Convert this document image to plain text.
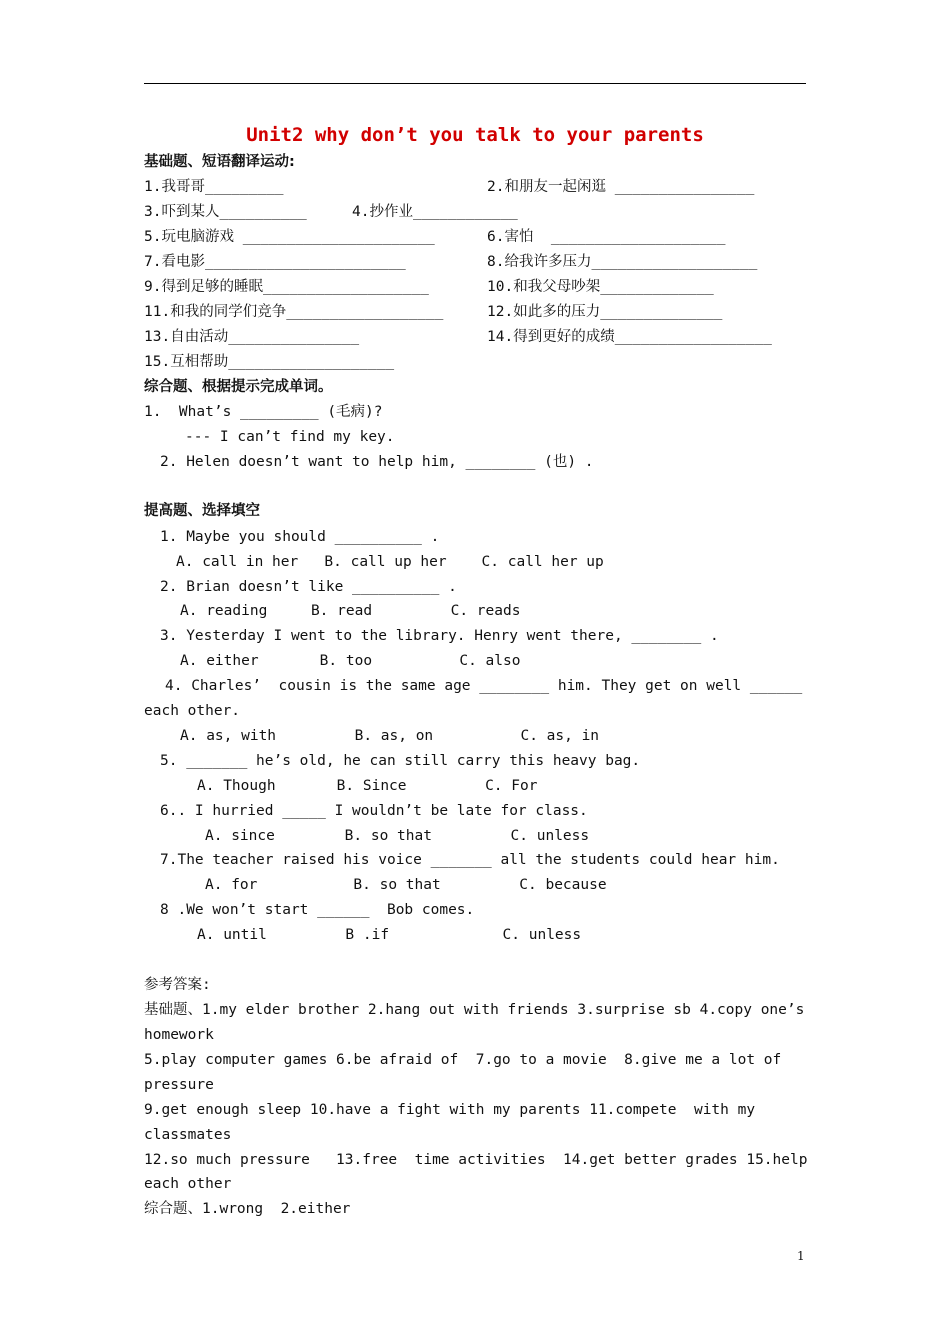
Unit2 why don’t you talk to your parents
基础题、短语翻译运动:
1.我哥哥_________	2.和朋友一起闲逛 ________________
3.吓到某人__________	4.抄作业____________
5.玩电脑游戏 ______________________	6.害怕  ____________________
7.看电影_______________________	8.给我许多压力___________________
9.得到足够的睡眠___________________	10.和我父母吵架_____________
11.和我的同学们竞争__________________	12.如此多的压力______________
13.自由活动_______________	14.得到更好的成绩__________________
15.互相帮助___________________
综合题、根据提示完成单词。
1.  What’s _________ (毛病)?
--- I can’t find my key.
2. Helen doesn’t want to help him, ________ (也) .
提高题、选择填空
1. Maybe you should __________ .
A. call in her   B. call up her    C. call her up
2. Brian doesn’t like __________ .
A. reading     B. read         C. reads
3. Yesterday I went to the library. Henry went there, ________ .
A. either       B. too          C. also
4. Charles’  cousin is the same age ________ him. They get on well ______
each other.
A. as, with         B. as, on          C. as, in
5. _______ he’s old, he can still carry this heavy bag.
A. Though       B. Since         C. For
6.. I hurried _____ I wouldn’t be late for class.
A. since        B. so that         C. unless
7.The teacher raised his voice _______ all the students could hear him.
A. for           B. so that         C. because
8 .We won’t start ______  Bob comes.
A. until         B .if             C. unless
参考答案:
基础题、1.my elder brother 2.hang out with friends 3.surprise sb 4.copy one’s
homework
5.play computer games 6.be afraid of  7.go to a movie  8.give me a lot of
pressure
9.get enough sleep 10.have a fight with my parents 11.compete  with my
classmates
12.so much pressure   13.free  time activities  14.get better grades 15.help
each other
综合题、1.wrong  2.either
1
